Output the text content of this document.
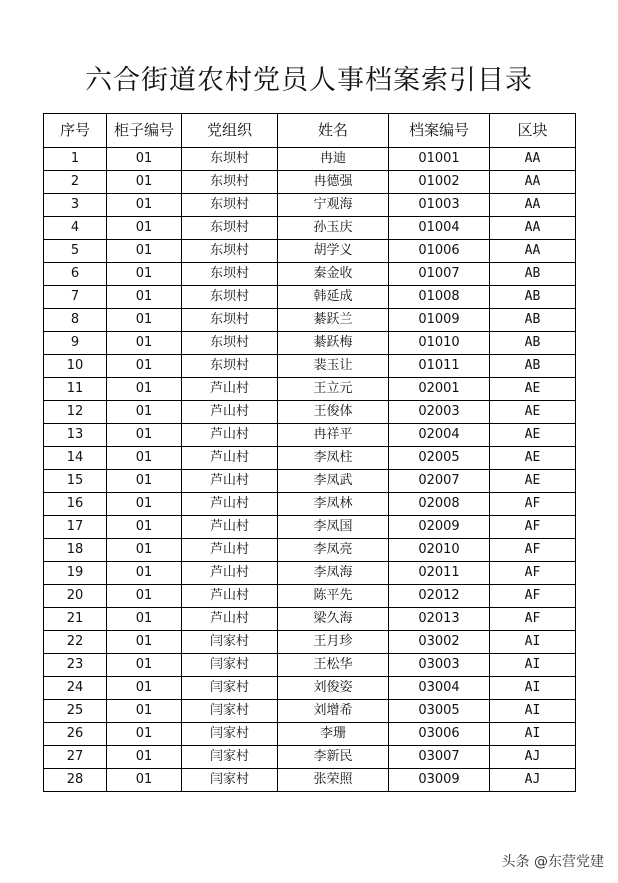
六合街道农村党员人事档案索引目录
序号	柜子编号	党组织	姓名	档案编号	区块
1	01	东坝村	冉迪	01001	AA
2	01	东坝村	冉德强	01002	AA
3	01	东坝村	宁观海	01003	AA
4	01	东坝村	孙玉庆	01004	AA
5	01	东坝村	胡学义	01006	AA
6	01	东坝村	秦金收	01007	AB
7	01	东坝村	韩延成	01008	AB
8	01	东坝村	綦跃兰	01009	AB
9	01	东坝村	綦跃梅	01010	AB
10	01	东坝村	裴玉让	01011	AB
11	01	芦山村	王立元	02001	AE
12	01	芦山村	王俊体	02003	AE
13	01	芦山村	冉祥平	02004	AE
14	01	芦山村	李凤柱	02005	AE
15	01	芦山村	李凤武	02007	AE
16	01	芦山村	李凤林	02008	AF
17	01	芦山村	李凤国	02009	AF
18	01	芦山村	李凤亮	02010	AF
19	01	芦山村	李凤海	02011	AF
20	01	芦山村	陈平先	02012	AF
21	01	芦山村	梁久海	02013	AF
22	01	闫家村	王月珍	03002	AI
23	01	闫家村	王松华	03003	AI
24	01	闫家村	刘俊姿	03004	AI
25	01	闫家村	刘增希	03005	AI
26	01	闫家村	李珊	03006	AI
27	01	闫家村	李新民	03007	AJ
28	01	闫家村	张荣照	03009	AJ
头条 @东营党建
